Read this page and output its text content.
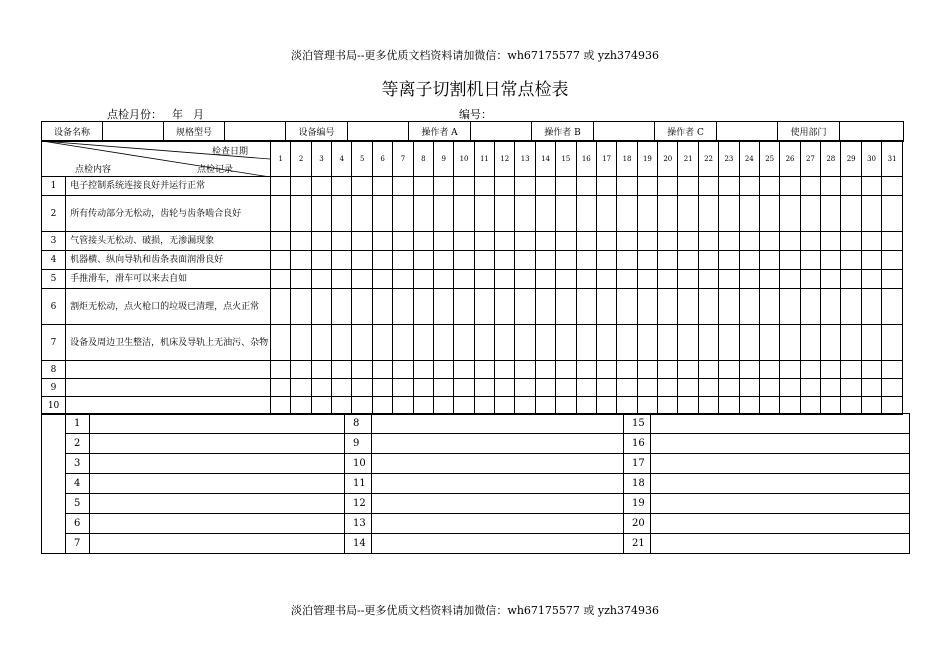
淡泊管理书局--更多优质文档资料请加微信：wh67175577 或 yzh374936
等离子切割机日常点检表
点检月份： 年 月	编号：
设备名称		规格型号		设备编号		操作者 A		操作者 B		操作者 C		使用部门	
检查日期
点检内容 点检记录		1	2	3	4	5	6	7	8	9	10	11	12	13	14	15	16	17	18	19	20	21	22	23	24	25	26	27	28	29	30	31
1	电子控制系统连接良好并运行正常																															
2	所有传动部分无松动，齿轮与齿条啮合良好																															
3	气管接头无松动、破损，无渗漏现象																															
4	机器横、纵向导轨和齿条表面润滑良好																															
5	手推滑车，滑车可以来去自如																															
6	割炬无松动，点火枪口的垃圾已清理，点火正常																															
7	设备及周边卫生整洁，机床及导轨上无油污、杂物																															
8																																
9																																
10																																
	1		8		15	
	2		9		16	
	3		10		17	
	4		11		18	
	5		12		19	
	6		13		20	
	7		14		21	
淡泊管理书局--更多优质文档资料请加微信：wh67175577 或 yzh374936
